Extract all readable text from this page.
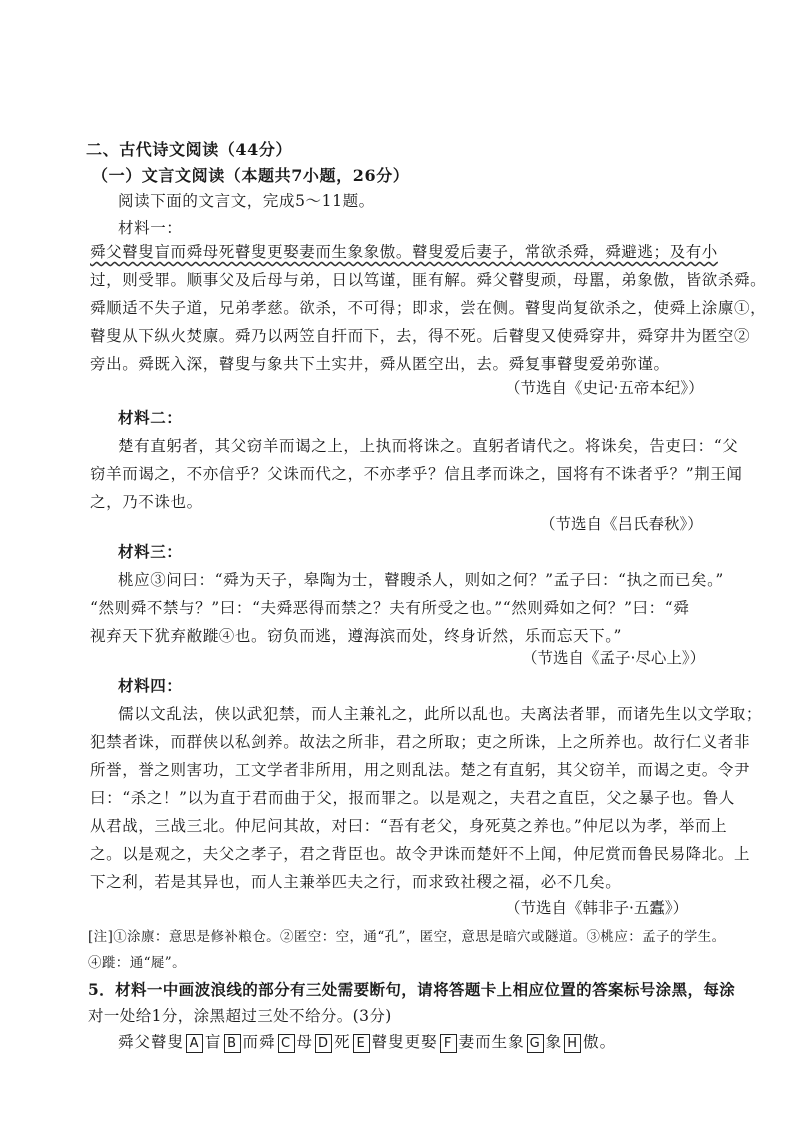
二、古代诗文阅读（44分）
（一）文言文阅读（本题共7小题，26分）
阅读下面的文言文，完成5～11题。
材料一：
舜父瞽叟盲而舜母死瞽叟更娶妻而生象象傲。瞽叟爱后妻子，常欲杀舜，舜避逃；及有小
过，则受罪。顺事父及后母与弟，日以笃谨，匪有解。舜父瞽叟顽，母嚚，弟象傲，皆欲杀舜。
舜顺适不失子道，兄弟孝慈。欲杀，不可得；即求，尝在侧。瞽叟尚复欲杀之，使舜上涂廪①，
瞽叟从下纵火焚廪。舜乃以两笠自扞而下，去，得不死。后瞽叟又使舜穿井，舜穿井为匿空②
旁出。舜既入深，瞽叟与象共下土实井，舜从匿空出，去。舜复事瞽叟爱弟弥谨。
（节选自《史记·五帝本纪》）
材料二：
楚有直躬者，其父窃羊而谒之上，上执而将诛之。直躬者请代之。将诛矣，告吏曰：“父
窃羊而谒之，不亦信乎？父诛而代之，不亦孝乎？信且孝而诛之，国将有不诛者乎？”荆王闻
之，乃不诛也。
（节选自《吕氏春秋》）
材料三：
桃应③问曰：“舜为天子，皋陶为士，瞽瞍杀人，则如之何？”孟子曰：“执之而已矣。”
“然则舜不禁与？”曰：“夫舜恶得而禁之？夫有所受之也。”“然则舜如之何？”曰：“舜
视弃天下犹弃敝蹝④也。窃负而逃，遵海滨而处，终身䜣然，乐而忘天下。”
（节选自《孟子·尽心上》）
材料四：
儒以文乱法，侠以武犯禁，而人主兼礼之，此所以乱也。夫离法者罪，而诸先生以文学取；
犯禁者诛，而群侠以私剑养。故法之所非，君之所取；吏之所诛，上之所养也。故行仁义者非
所誉，誉之则害功，工文学者非所用，用之则乱法。楚之有直躬，其父窃羊，而谒之吏。令尹
曰：“杀之！”以为直于君而曲于父，报而罪之。以是观之，夫君之直臣，父之暴子也。鲁人
从君战，三战三北。仲尼问其故，对曰：“吾有老父，身死莫之养也。”仲尼以为孝，举而上
之。以是观之，夫父之孝子，君之背臣也。故令尹诛而楚奸不上闻，仲尼赏而鲁民易降北。上
下之利，若是其异也，而人主兼举匹夫之行，而求致社稷之福，必不几矣。
（节选自《韩非子·五蠹》）
[注]①涂廪：意思是修补粮仓。②匿空：空，通“孔”，匿空，意思是暗穴或隧道。③桃应：孟子的学生。
④蹝：通“屣”。
5．材料一中画波浪线的部分有三处需要断句，请将答题卡上相应位置的答案标号涂黑，每涂
对一处给1分，涂黑超过三处不给分。(3分)
舜父瞽叟 A 盲 B 而舜 C 母 D 死 E 瞽叟更娶 F 妻而生象 G 象 H 傲。
